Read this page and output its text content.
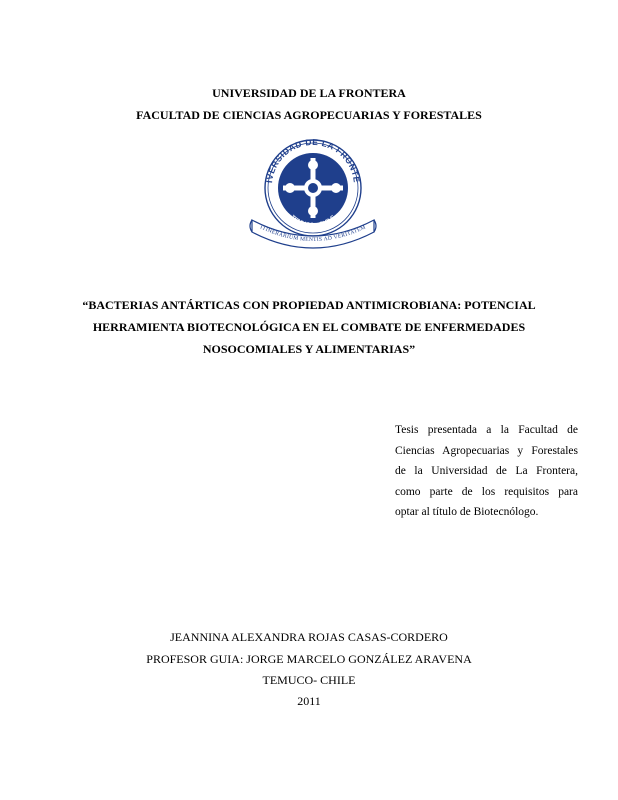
UNIVERSIDAD DE LA FRONTERA
FACULTAD DE CIENCIAS AGROPECUARIAS Y FORESTALES
IVERSIDAD DE LA FRONTE
TEMUCO · CHILE
ITINERARIUM MENTIS AD VERITATEM
“BACTERIAS ANTÁRTICAS CON PROPIEDAD ANTIMICROBIANA: POTENCIAL
HERRAMIENTA BIOTECNOLÓGICA EN EL COMBATE DE ENFERMEDADES
NOSOCOMIALES Y ALIMENTARIAS”
Tesis presentada a la Facultad de
Ciencias Agropecuarias y Forestales
de la Universidad de La Frontera,
como parte de los requisitos para
optar al título de Biotecnólogo.
JEANNINA ALEXANDRA ROJAS CASAS-CORDERO
PROFESOR GUIA: JORGE MARCELO GONZÁLEZ ARAVENA
TEMUCO- CHILE
2011
